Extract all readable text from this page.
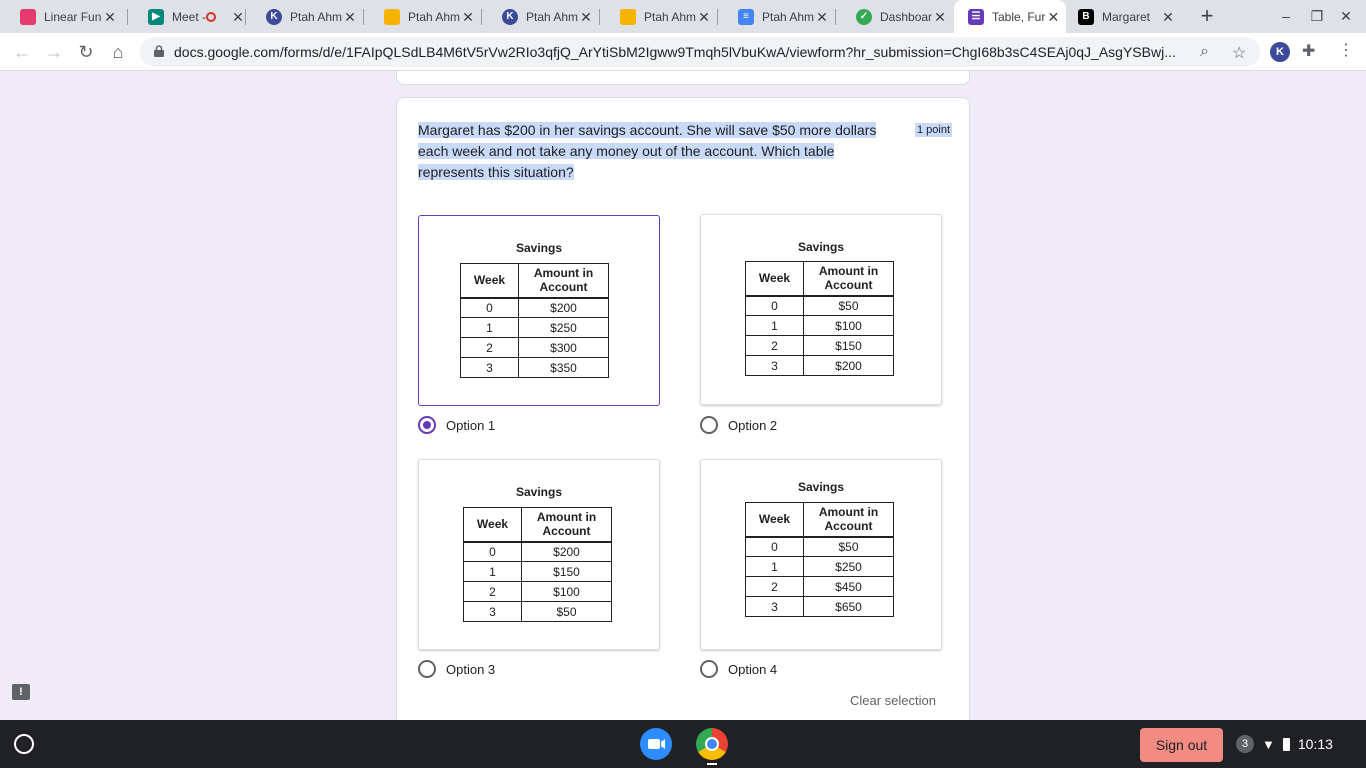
Linear Fun ✕	▶	Meet - ✕	K	Ptah Ahm ✕	Ptah Ahm ✕	K	Ptah Ahm ✕	Ptah Ahm ✕	≡	Ptah Ahm ✕	✓ Dashboar ✕	☰ Table, Fur ✕	B	Margaret ✕ +	–	❐ ✕
← → ↻	⌂	docs.google.com/forms/d/e/1FAIpQLSdLB4M6tV5rVw2RIo3qfjQ_ArYtiSbM2Igww9Tmqh5lVbuKwA/viewform?hr_submission=ChgI68b3sC4SEAj0qJ_AsgYSBwj... ⌕ ☆	K	✚ ⋮
Margaret has $200 in her savings account. She will save $50 more dollars each week and not take any money out of the account. Which table represents this situation?
1 point
Savings
Week	Amount in Account
0	$200
1	$250
2	$300
3	$350
Option 1
Savings
Week	Amount in Account
0	$50
1	$100
2	$150
3	$200
Option 2
Savings
Week	Amount in Account
0	$200
1	$150
2	$100
3	$50
Option 3
Savings
Week	Amount in Account
0	$50
1	$250
2	$450
3	$650
Option 4
Clear selection
!
Sign out	3	▼ 10:13
